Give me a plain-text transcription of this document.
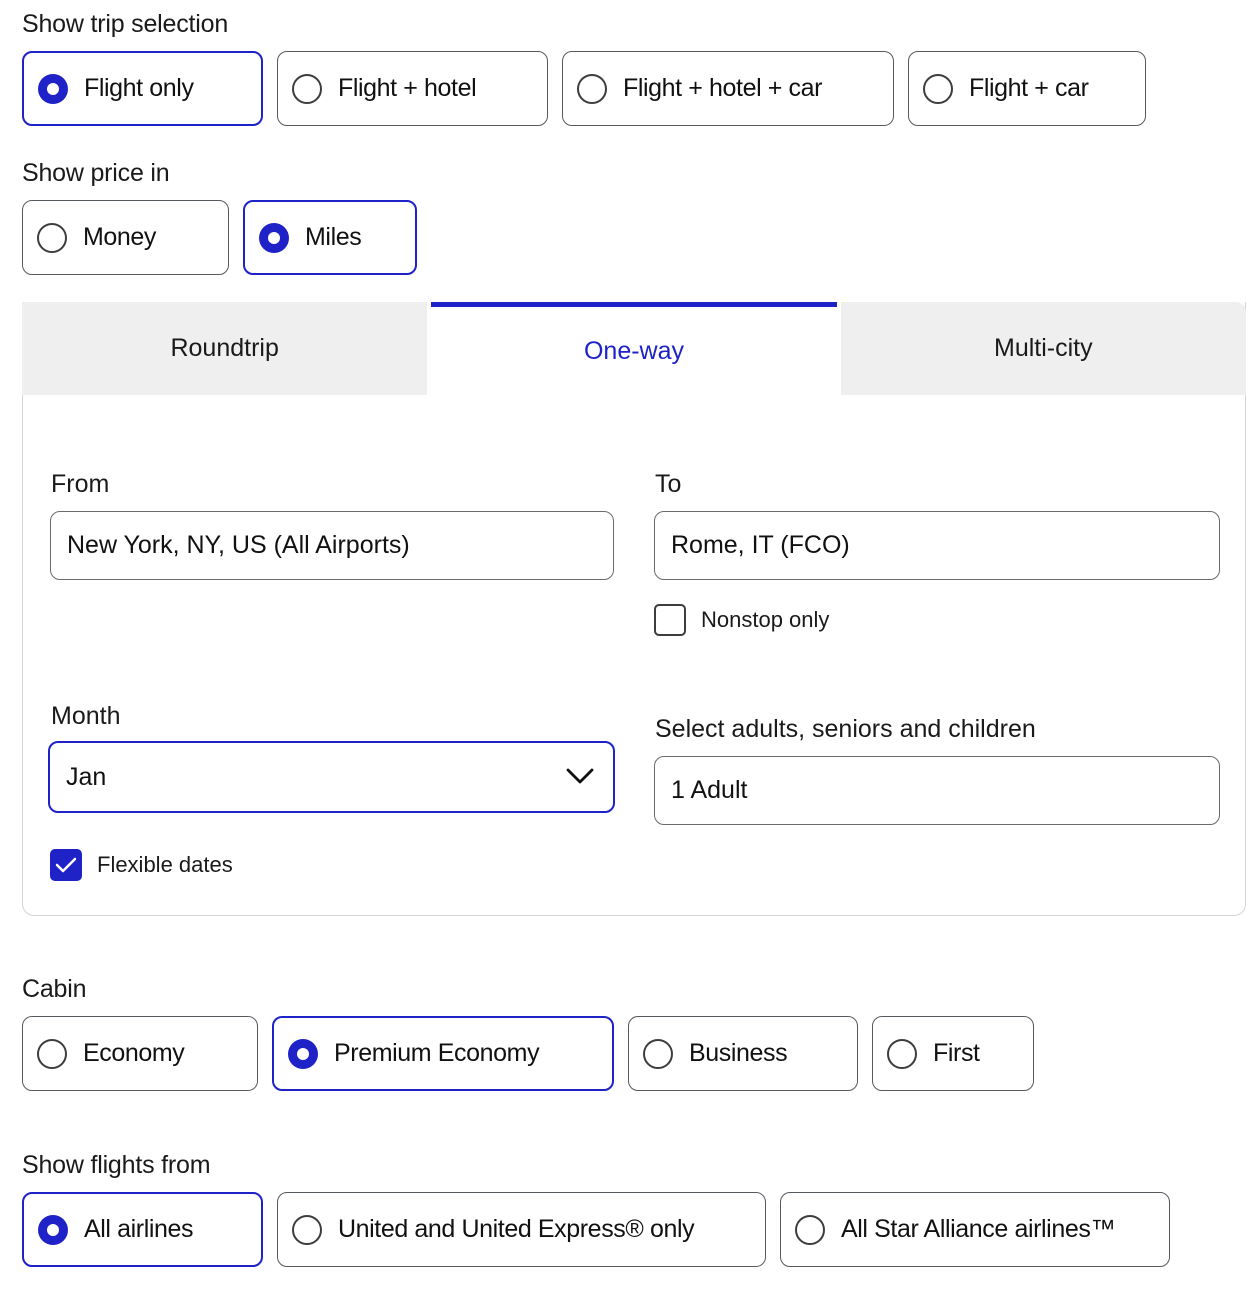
Show trip selection
Flight only	Flight + hotel	Flight + hotel + car	Flight + car
Show price in
Money	Miles
Roundtrip	One-way	Multi-city
From
New York, NY, US (All Airports)
To
Rome, IT (FCO)
Nonstop only
Month
Jan
Select adults, seniors and children
1 Adult
Flexible dates
Cabin
Economy	Premium Economy	Business	First
Show flights from
All airlines	United and United Express® only	All Star Alliance airlines™
